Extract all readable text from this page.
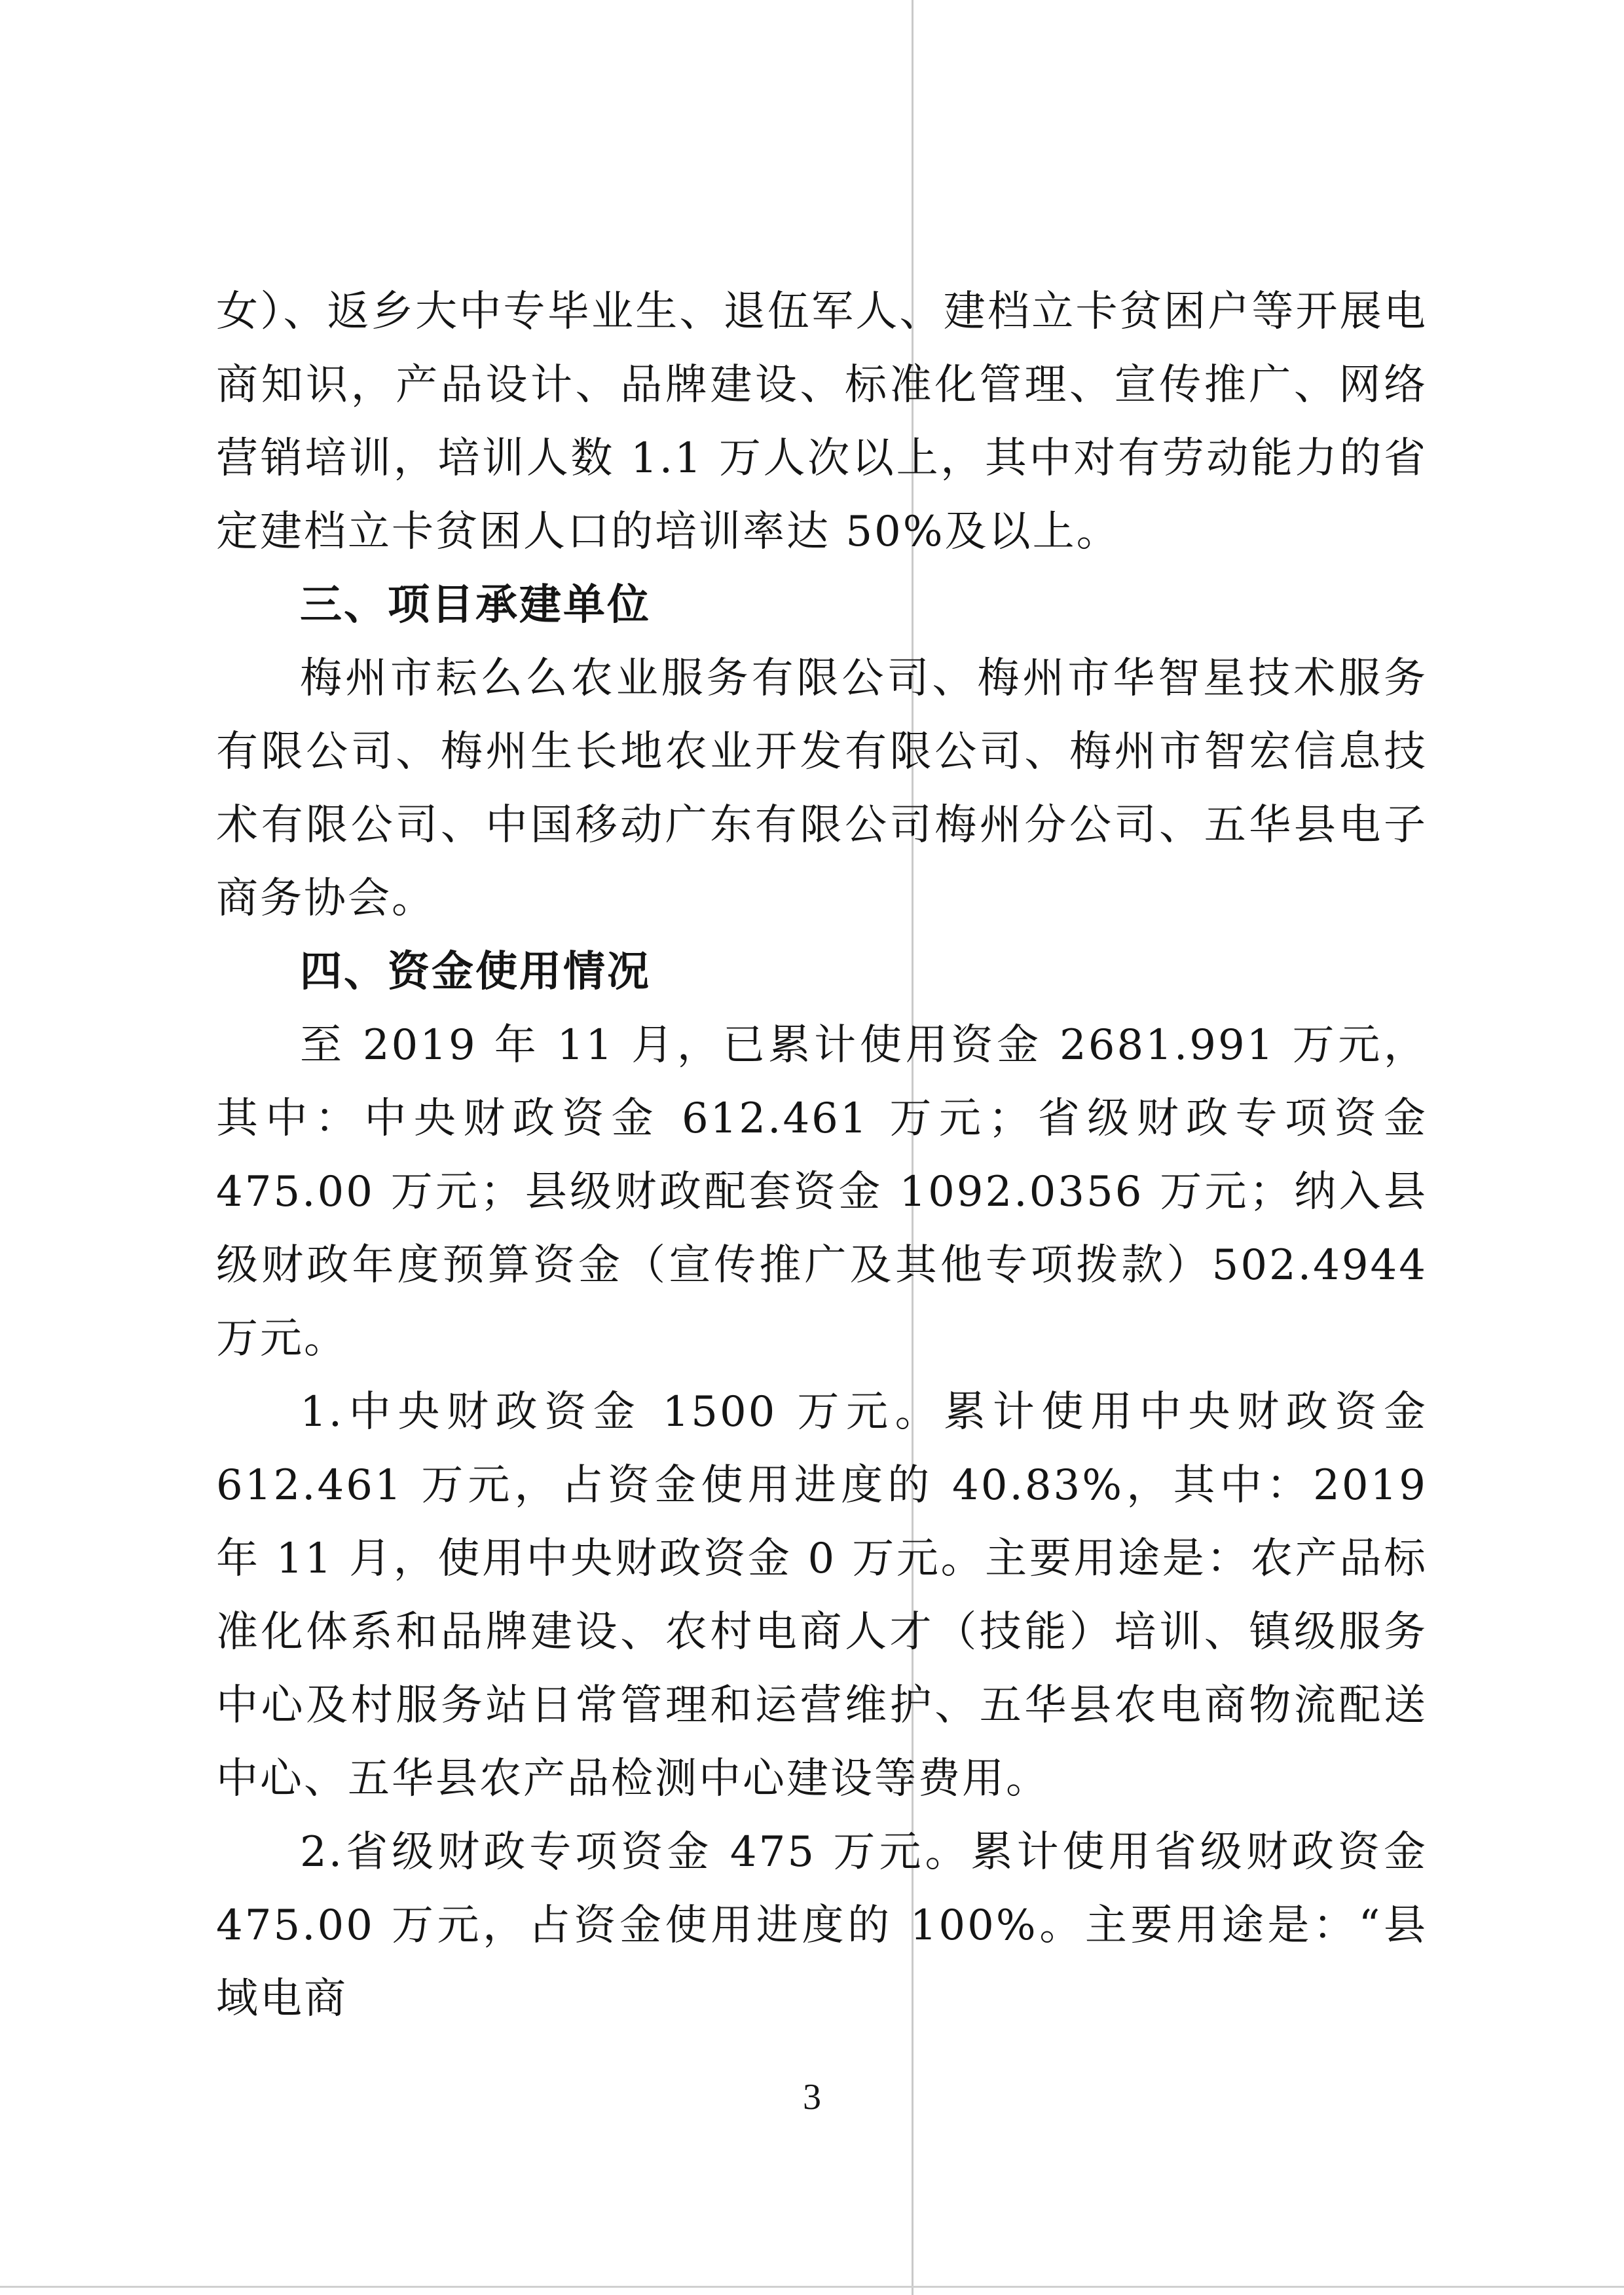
女）、返乡大中专毕业生、退伍军人、建档立卡贫困户等开展电商知识，产品设计、品牌建设、标准化管理、宣传推广、网络营销培训，培训人数 1.1 万人次以上，其中对有劳动能力的省定建档立卡贫困人口的培训率达 50%及以上。

三、项目承建单位

梅州市耘么么农业服务有限公司、梅州市华智星技术服务有限公司、梅州生长地农业开发有限公司、梅州市智宏信息技术有限公司、中国移动广东有限公司梅州分公司、五华县电子商务协会。

四、资金使用情况

至 2019 年 11 月，已累计使用资金 2681.991 万元，其中：中央财政资金 612.461 万元；省级财政专项资金 475.00 万元；县级财政配套资金 1092.0356 万元；纳入县级财政年度预算资金（宣传推广及其他专项拨款）502.4944 万元。

1.中央财政资金 1500 万元。累计使用中央财政资金 612.461 万元，占资金使用进度的 40.83%，其中：2019 年 11 月，使用中央财政资金 0 万元。主要用途是：农产品标准化体系和品牌建设、农村电商人才（技能）培训、镇级服务中心及村服务站日常管理和运营维护、五华县农电商物流配送中心、五华县农产品检测中心建设等费用。

2.省级财政专项资金 475 万元。累计使用省级财政资金 475.00 万元，占资金使用进度的 100%。主要用途是：“县域电商

3
